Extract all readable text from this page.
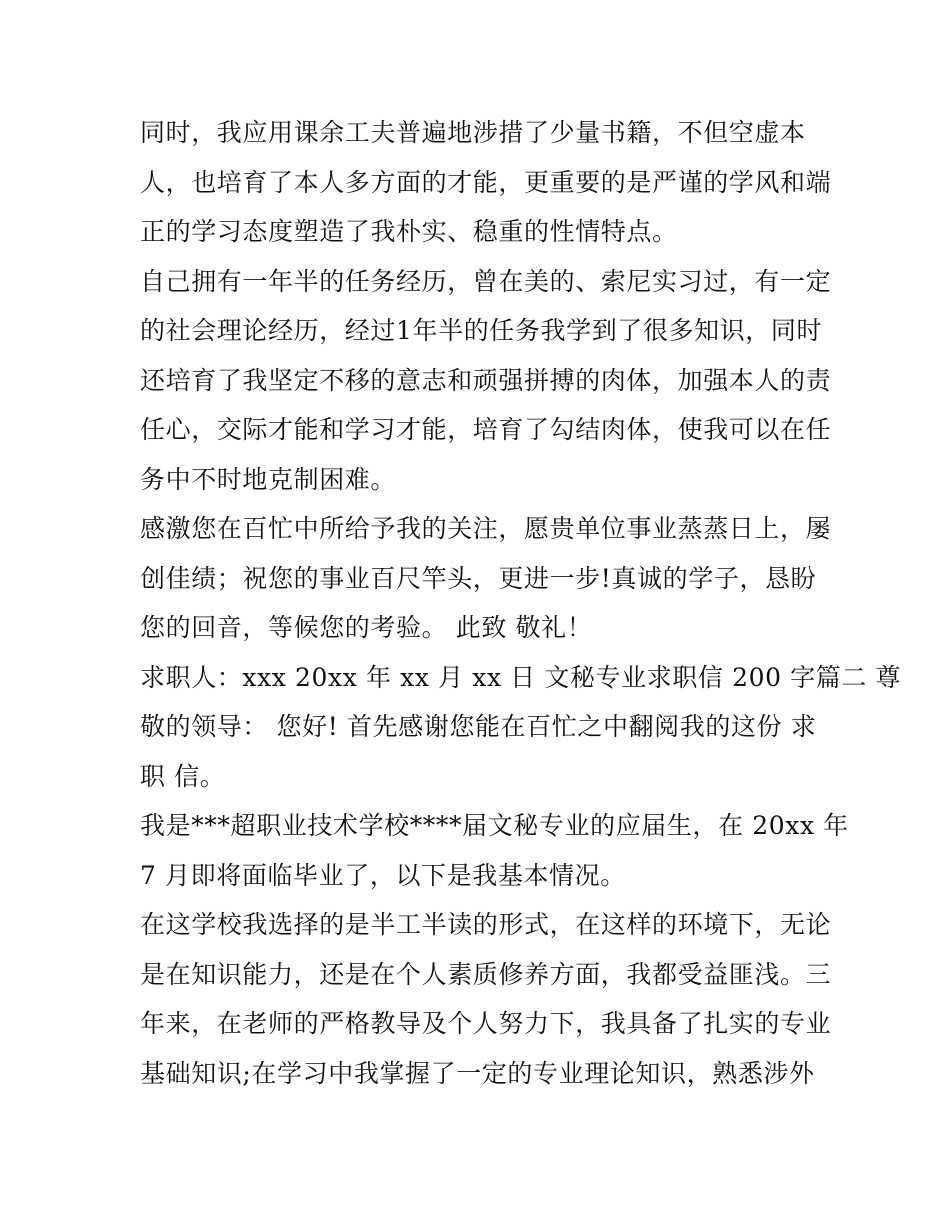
同时，我应用课余工夫普遍地涉措了少量书籍，不但空虚本
人，也培育了本人多方面的才能，更重要的是严谨的学风和端
正的学习态度塑造了我朴实、稳重的性情特点。
自己拥有一年半的任务经历，曾在美的、索尼实习过，有一定
的社会理论经历，经过1年半的任务我学到了很多知识，同时
还培育了我坚定不移的意志和顽强拼搏的肉体，加强本人的责
任心，交际才能和学习才能，培育了勾结肉体，使我可以在任
务中不时地克制困难。
感激您在百忙中所给予我的关注，愿贵单位事业蒸蒸日上，屡
创佳绩；祝您的事业百尺竿头，更进一步!真诚的学子，恳盼
您的回音，等候您的考验。 此致 敬礼！
求职人：xxx 20xx 年 xx 月 xx 日 文秘专业求职信 200 字篇二 尊
敬的领导： 您好! 首先感谢您能在百忙之中翻阅我的这份 求
职 信。
我是***超职业技术学校****届文秘专业的应届生，在 20xx 年
7 月即将面临毕业了，以下是我基本情况。
在这学校我选择的是半工半读的形式，在这样的环境下，无论
是在知识能力，还是在个人素质修养方面，我都受益匪浅。三
年来，在老师的严格教导及个人努力下，我具备了扎实的专业
基础知识;在学习中我掌握了一定的专业理论知识，熟悉涉外
